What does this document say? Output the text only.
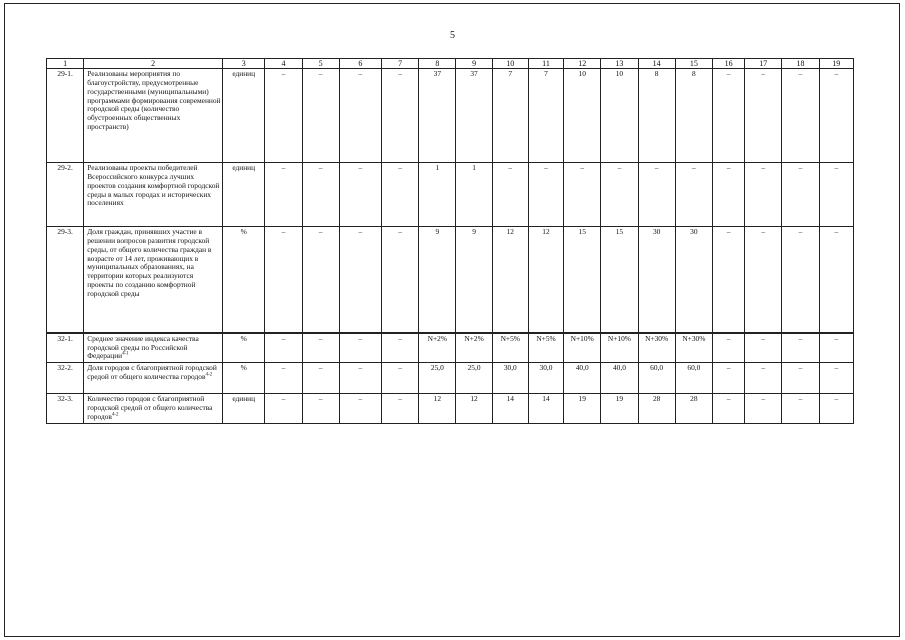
5
1	2	3	4	5	6	7	8	9	10	11	12	13	14	15	16	17	18	19
29-1.	Реализованы мероприятия по благоустройству, предусмотренные государственными (муниципальными) программами формирования современной городской среды (количество обустроенных общественных пространств)	единиц	–	–	–	–	37	37	7	7	10	10	8	8	–	–	–	–
29-2.	Реализованы проекты победителей Всероссийского конкурса лучших проектов создания комфортной городской среды в малых городах и исторических поселениях	единиц	–	–	–	–	1	1	–	–	–	–	–	–	–	–	–	–
29-3.	Доля граждан, принявших участие в решении вопросов развития городской среды, от общего количества граждан в возрасте от 14 лет, проживающих в муниципальных образованиях, на территории которых реализуются проекты по созданию комфортной городской среды	%	–	–	–	–	9	9	12	12	15	15	30	30	–	–	–	–
32-1.	Среднее значение индекса качества городской среды по Российской Федерации$^{4-1}$	%	–	–	–	–	N+2%	N+2%	N+5%	N+5%	N+10%	N+10%	N+30%	N+30%	–	–	–	–
32-2.	Доля городов с благоприятной городской средой от общего количества городов$^{4-2}$	%	–	–	–	–	25,0	25,0	30,0	30,0	40,0	40,0	60,0	60,0	–	–	–	–
32-3.	Количество городов с благоприятной городской средой от общего количества городов$^{4-2}$	единиц	–	–	–	–	12	12	14	14	19	19	28	28	–	–	–	–
